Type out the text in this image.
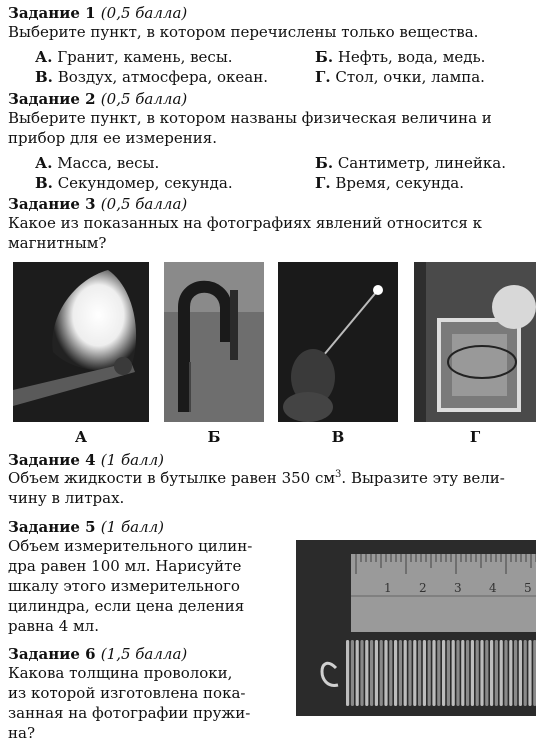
Задание 1 (0,5 балла)
Выберите пункт, в котором перечислены только вещества.
А. Гранит, камень, весы.	Б. Нефть, вода, медь.
В. Воздух, атмосфера, океан.	Г. Стол, очки, лампа.
Задание 2 (0,5 балла)
Выберите пункт, в котором названы физическая величина и
прибор для ее измерения.
А. Масса, весы.	Б. Сантиметр, линейка.
В. Секундомер, секунда.	Г. Время, секунда.
Задание 3 (0,5 балла)
Какое из показанных на фотографиях явлений относится к
магнитным?
А	Б	В	Г
Задание 4 (1 балл)
Объем жидкости в бутылке равен 350 $см^3$. Выразите эту вели-
чину в литрах.
Задание 5 (1 балл)
Объем измерительного цилин-
дра равен 100 мл. Нарисуйте
шкалу этого измерительного
цилиндра, если цена деления
равна 4 мл.
Задание 6 (1,5 балла)
Какова толщина проволоки,
из которой изготовлена пока-
занная на фотографии пружи-
на?
1 2 3 4 5
